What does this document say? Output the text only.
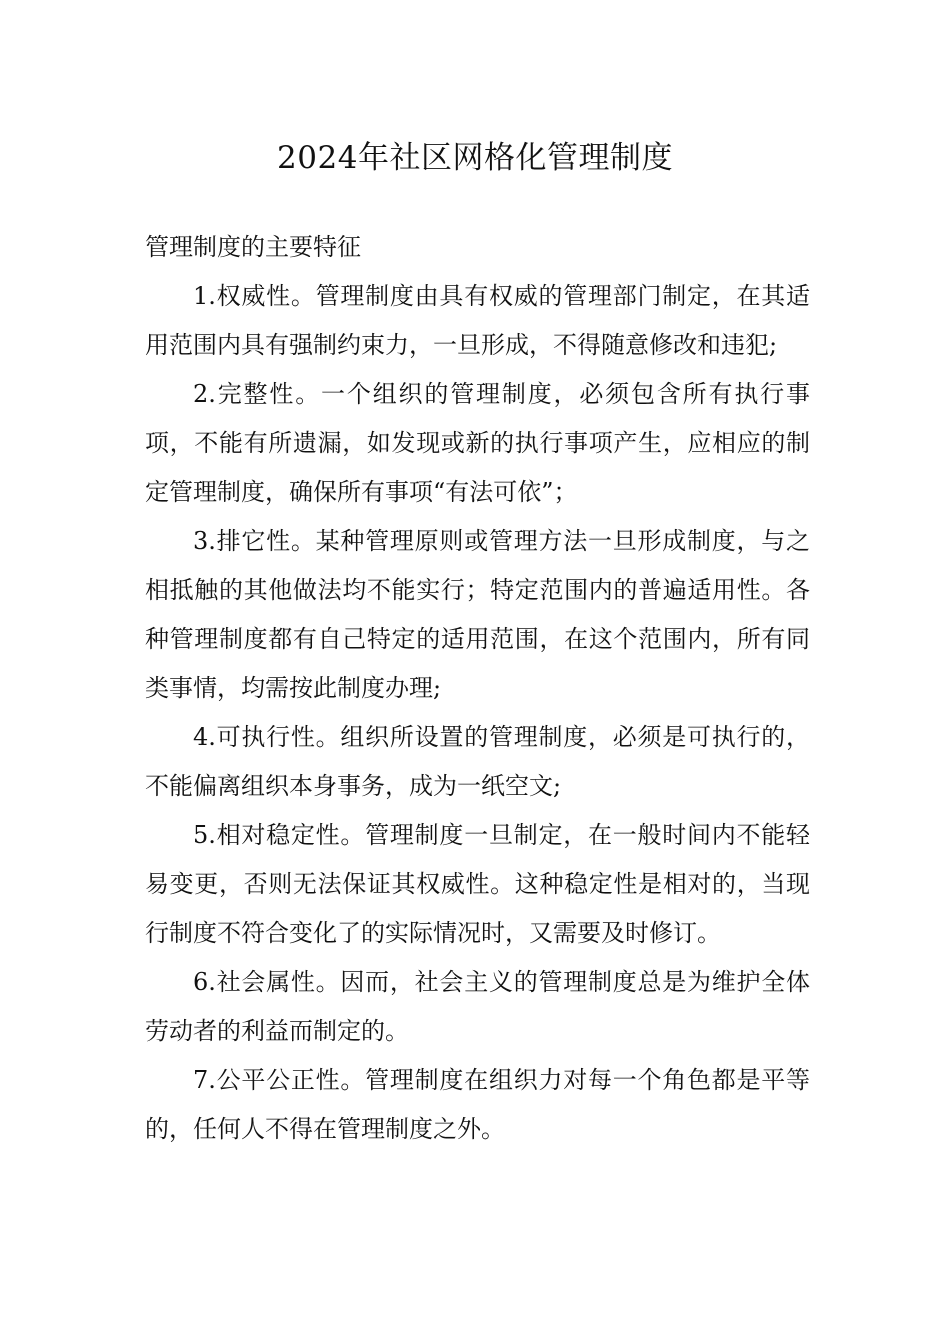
2024年社区网格化管理制度

管理制度的主要特征

1.权威性。管理制度由具有权威的管理部门制定，在其适用范围内具有强制约束力，一旦形成，不得随意修改和违犯;

2.完整性。一个组织的管理制度，必须包含所有执行事项，不能有所遗漏，如发现或新的执行事项产生，应相应的制定管理制度，确保所有事项“有法可依”；

3.排它性。某种管理原则或管理方法一旦形成制度，与之相抵触的其他做法均不能实行；特定范围内的普遍适用性。各种管理制度都有自己特定的适用范围，在这个范围内，所有同类事情，均需按此制度办理;

4.可执行性。组织所设置的管理制度，必须是可执行的，不能偏离组织本身事务，成为一纸空文;

5.相对稳定性。管理制度一旦制定，在一般时间内不能轻易变更，否则无法保证其权威性。这种稳定性是相对的，当现行制度不符合变化了的实际情况时，又需要及时修订。

6.社会属性。因而，社会主义的管理制度总是为维护全体劳动者的利益而制定的。

7.公平公正性。管理制度在组织力对每一个角色都是平等的，任何人不得在管理制度之外。
